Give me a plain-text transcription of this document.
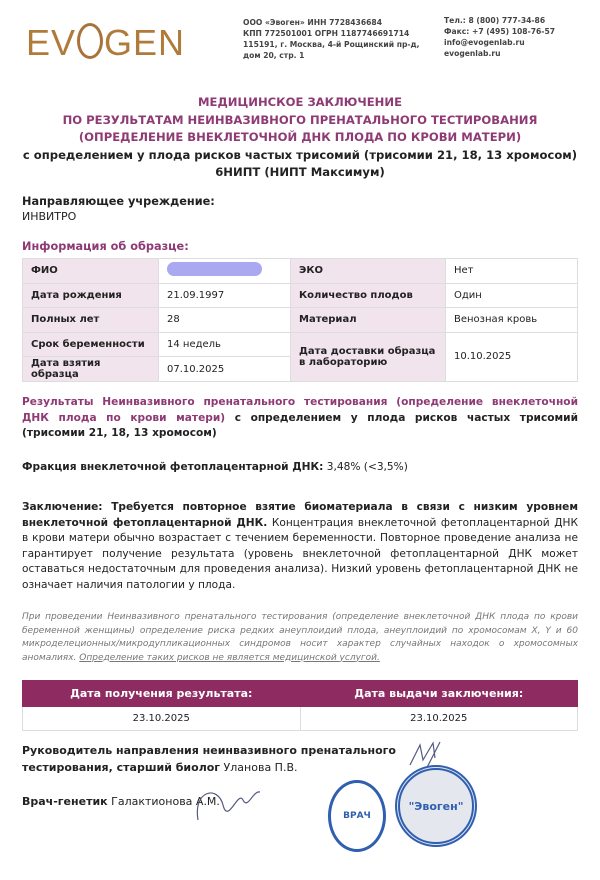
EV GEN	ООО «Эвоген» ИНН 7728436684
КПП 772501001 ОГРН 1187746691714
115191, г. Москва, 4-й Рощинский пр-д,
дом 20, стр. 1
Тел.: 8 (800) 777-34-86
Факс: +7 (495) 108-76-57
info@evogenlab.ru
evogenlab.ru
МЕДИЦИНСКОЕ ЗАКЛЮЧЕНИЕ
ПО РЕЗУЛЬТАТАМ НЕИНВАЗИВНОГО ПРЕНАТАЛЬНОГО ТЕСТИРОВАНИЯ
(ОПРЕДЕЛЕНИЕ ВНЕКЛЕТОЧНОЙ ДНК ПЛОДА ПО КРОВИ МАТЕРИ)
с определением у плода рисков частых трисомий (трисомии 21, 18, 13 хромосом)
6НИПТ (НИПТ Максимум)
Направляющее учреждение:
ИНВИТРО
Информация об образце:
ФИО		ЭКО	Нет
Дата рождения	21.09.1997	Количество плодов	Один
Полных лет	28	Материал	Венозная кровь
Срок беременности	14 недель	Дата доставки образца в лабораторию	10.10.2025
Дата взятия образца	07.10.2025		
Результаты Неинвазивного пренатального тестирования (определение внеклеточной ДНК плода по крови матери) с определением у плода рисков частых трисомий (трисомии 21, 18, 13 хромосом)
Фракция внеклеточной фетоплацентарной ДНК: 3,48% (<3,5%)
Заключение: Требуется повторное взятие биоматериала в связи с низким уровнем внеклеточной фетоплацентарной ДНК. Концентрация внеклеточной фетоплацентарной ДНК в крови матери обычно возрастает с течением беременности. Повторное проведение анализа не гарантирует получение результата (уровень внеклеточной фетоплацентарной ДНК может оставаться недостаточным для проведения анализа). Низкий уровень фетоплацентарной ДНК не означает наличия патологии у плода.
При проведении Неинвазивного пренатального тестирования (определение внеклеточной ДНК плода по крови беременной женщины) определение риска редких анеуплоидий плода, анеуплоидий по хромосомам X, Y и 60 микроделеционных/микродупликационных синдромов носит характер случайных находок о хромосомных аномалиях. Определение таких рисков не является медицинской услугой.
Дата получения результата:	Дата выдачи заключения:
23.10.2025	23.10.2025
Руководитель направления неинвазивного пренатального тестирования, старший биолог Уланова П.В.
Врач-генетик Галактионова А.М.
ВРАЧ
"Эвоген"
